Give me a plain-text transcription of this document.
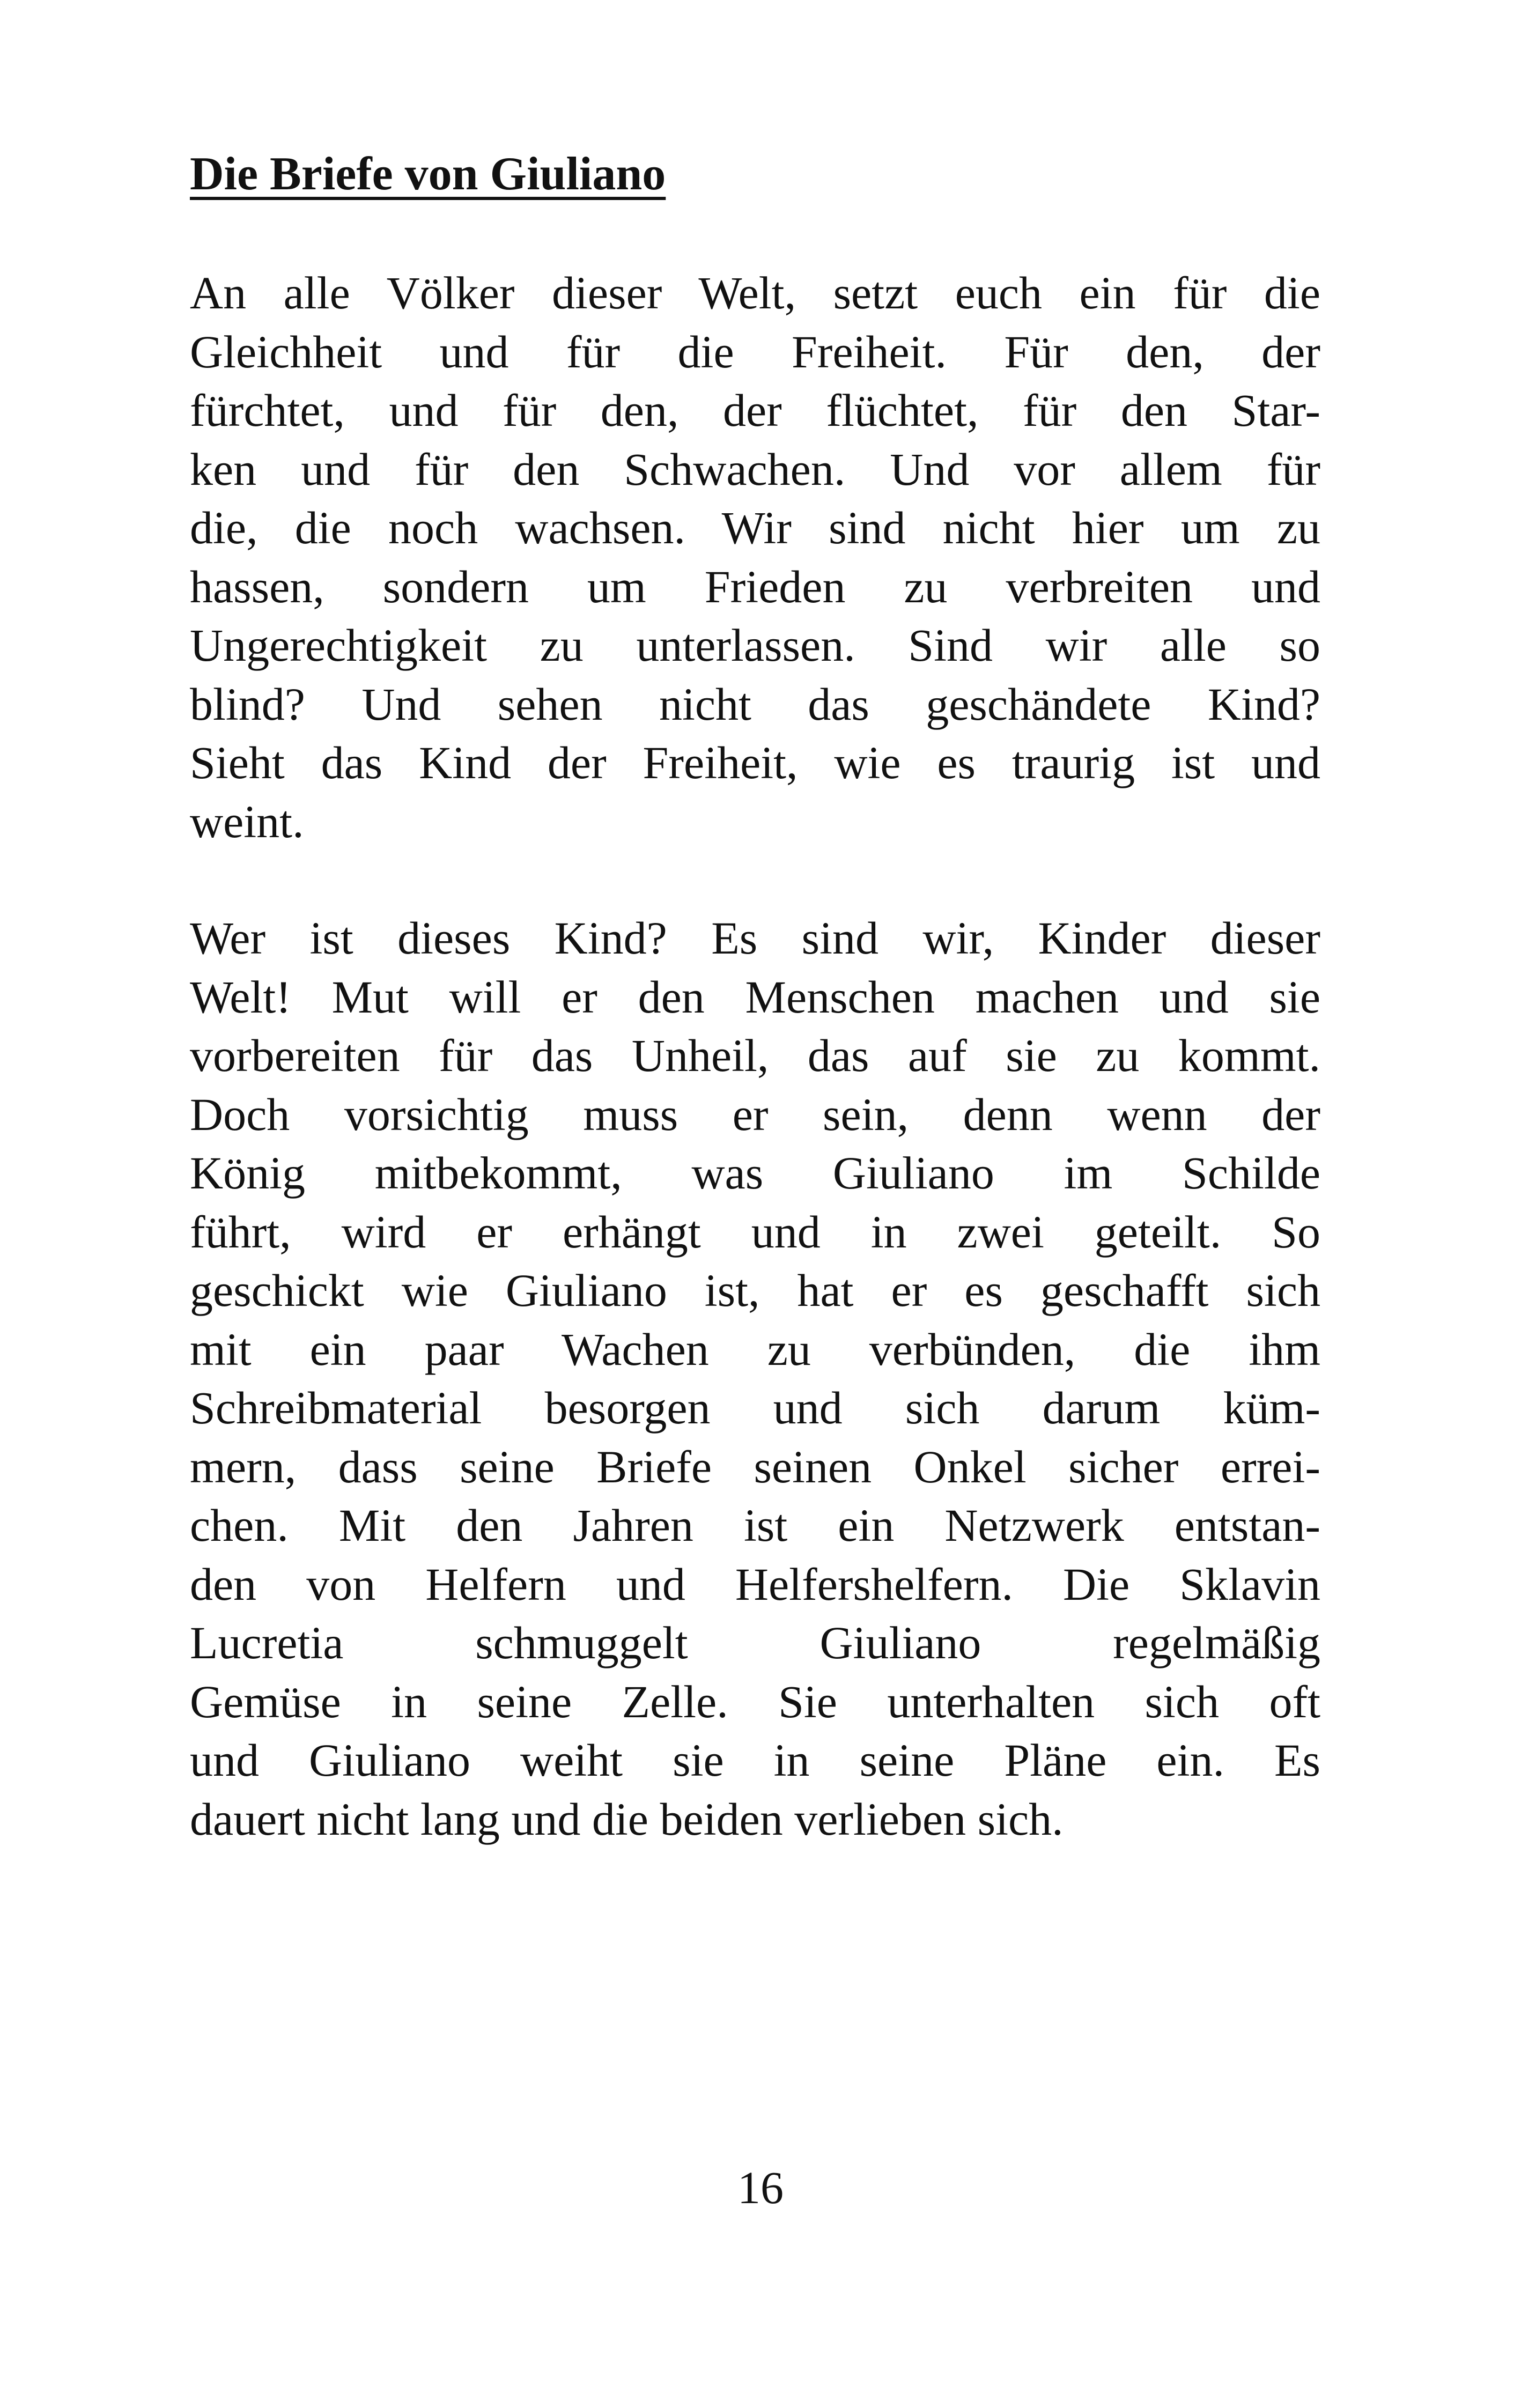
Die Briefe von Giuliano
An alle Völker dieser Welt, setzt euch ein für die
Gleichheit und für die Freiheit. Für den, der
fürchtet, und für den, der flüchtet, für den Star-
ken und für den Schwachen. Und vor allem für
die, die noch wachsen. Wir sind nicht hier um zu
hassen, sondern um Frieden zu verbreiten und
Ungerechtigkeit zu unterlassen. Sind wir alle so
blind? Und sehen nicht das geschändete Kind?
Sieht das Kind der Freiheit, wie es traurig ist und
weint.
Wer ist dieses Kind? Es sind wir, Kinder dieser
Welt! Mut will er den Menschen machen und sie
vorbereiten für das Unheil, das auf sie zu kommt.
Doch vorsichtig muss er sein, denn wenn der
König mitbekommt, was Giuliano im Schilde
führt, wird er erhängt und in zwei geteilt. So
geschickt wie Giuliano ist, hat er es geschafft sich
mit ein paar Wachen zu verbünden, die ihm
Schreibmaterial besorgen und sich darum küm-
mern, dass seine Briefe seinen Onkel sicher errei-
chen. Mit den Jahren ist ein Netzwerk entstan-
den von Helfern und Helfershelfern. Die Sklavin
Lucretia schmuggelt Giuliano regelmäßig
Gemüse in seine Zelle. Sie unterhalten sich oft
und Giuliano weiht sie in seine Pläne ein. Es
dauert nicht lang und die beiden verlieben sich.

16
